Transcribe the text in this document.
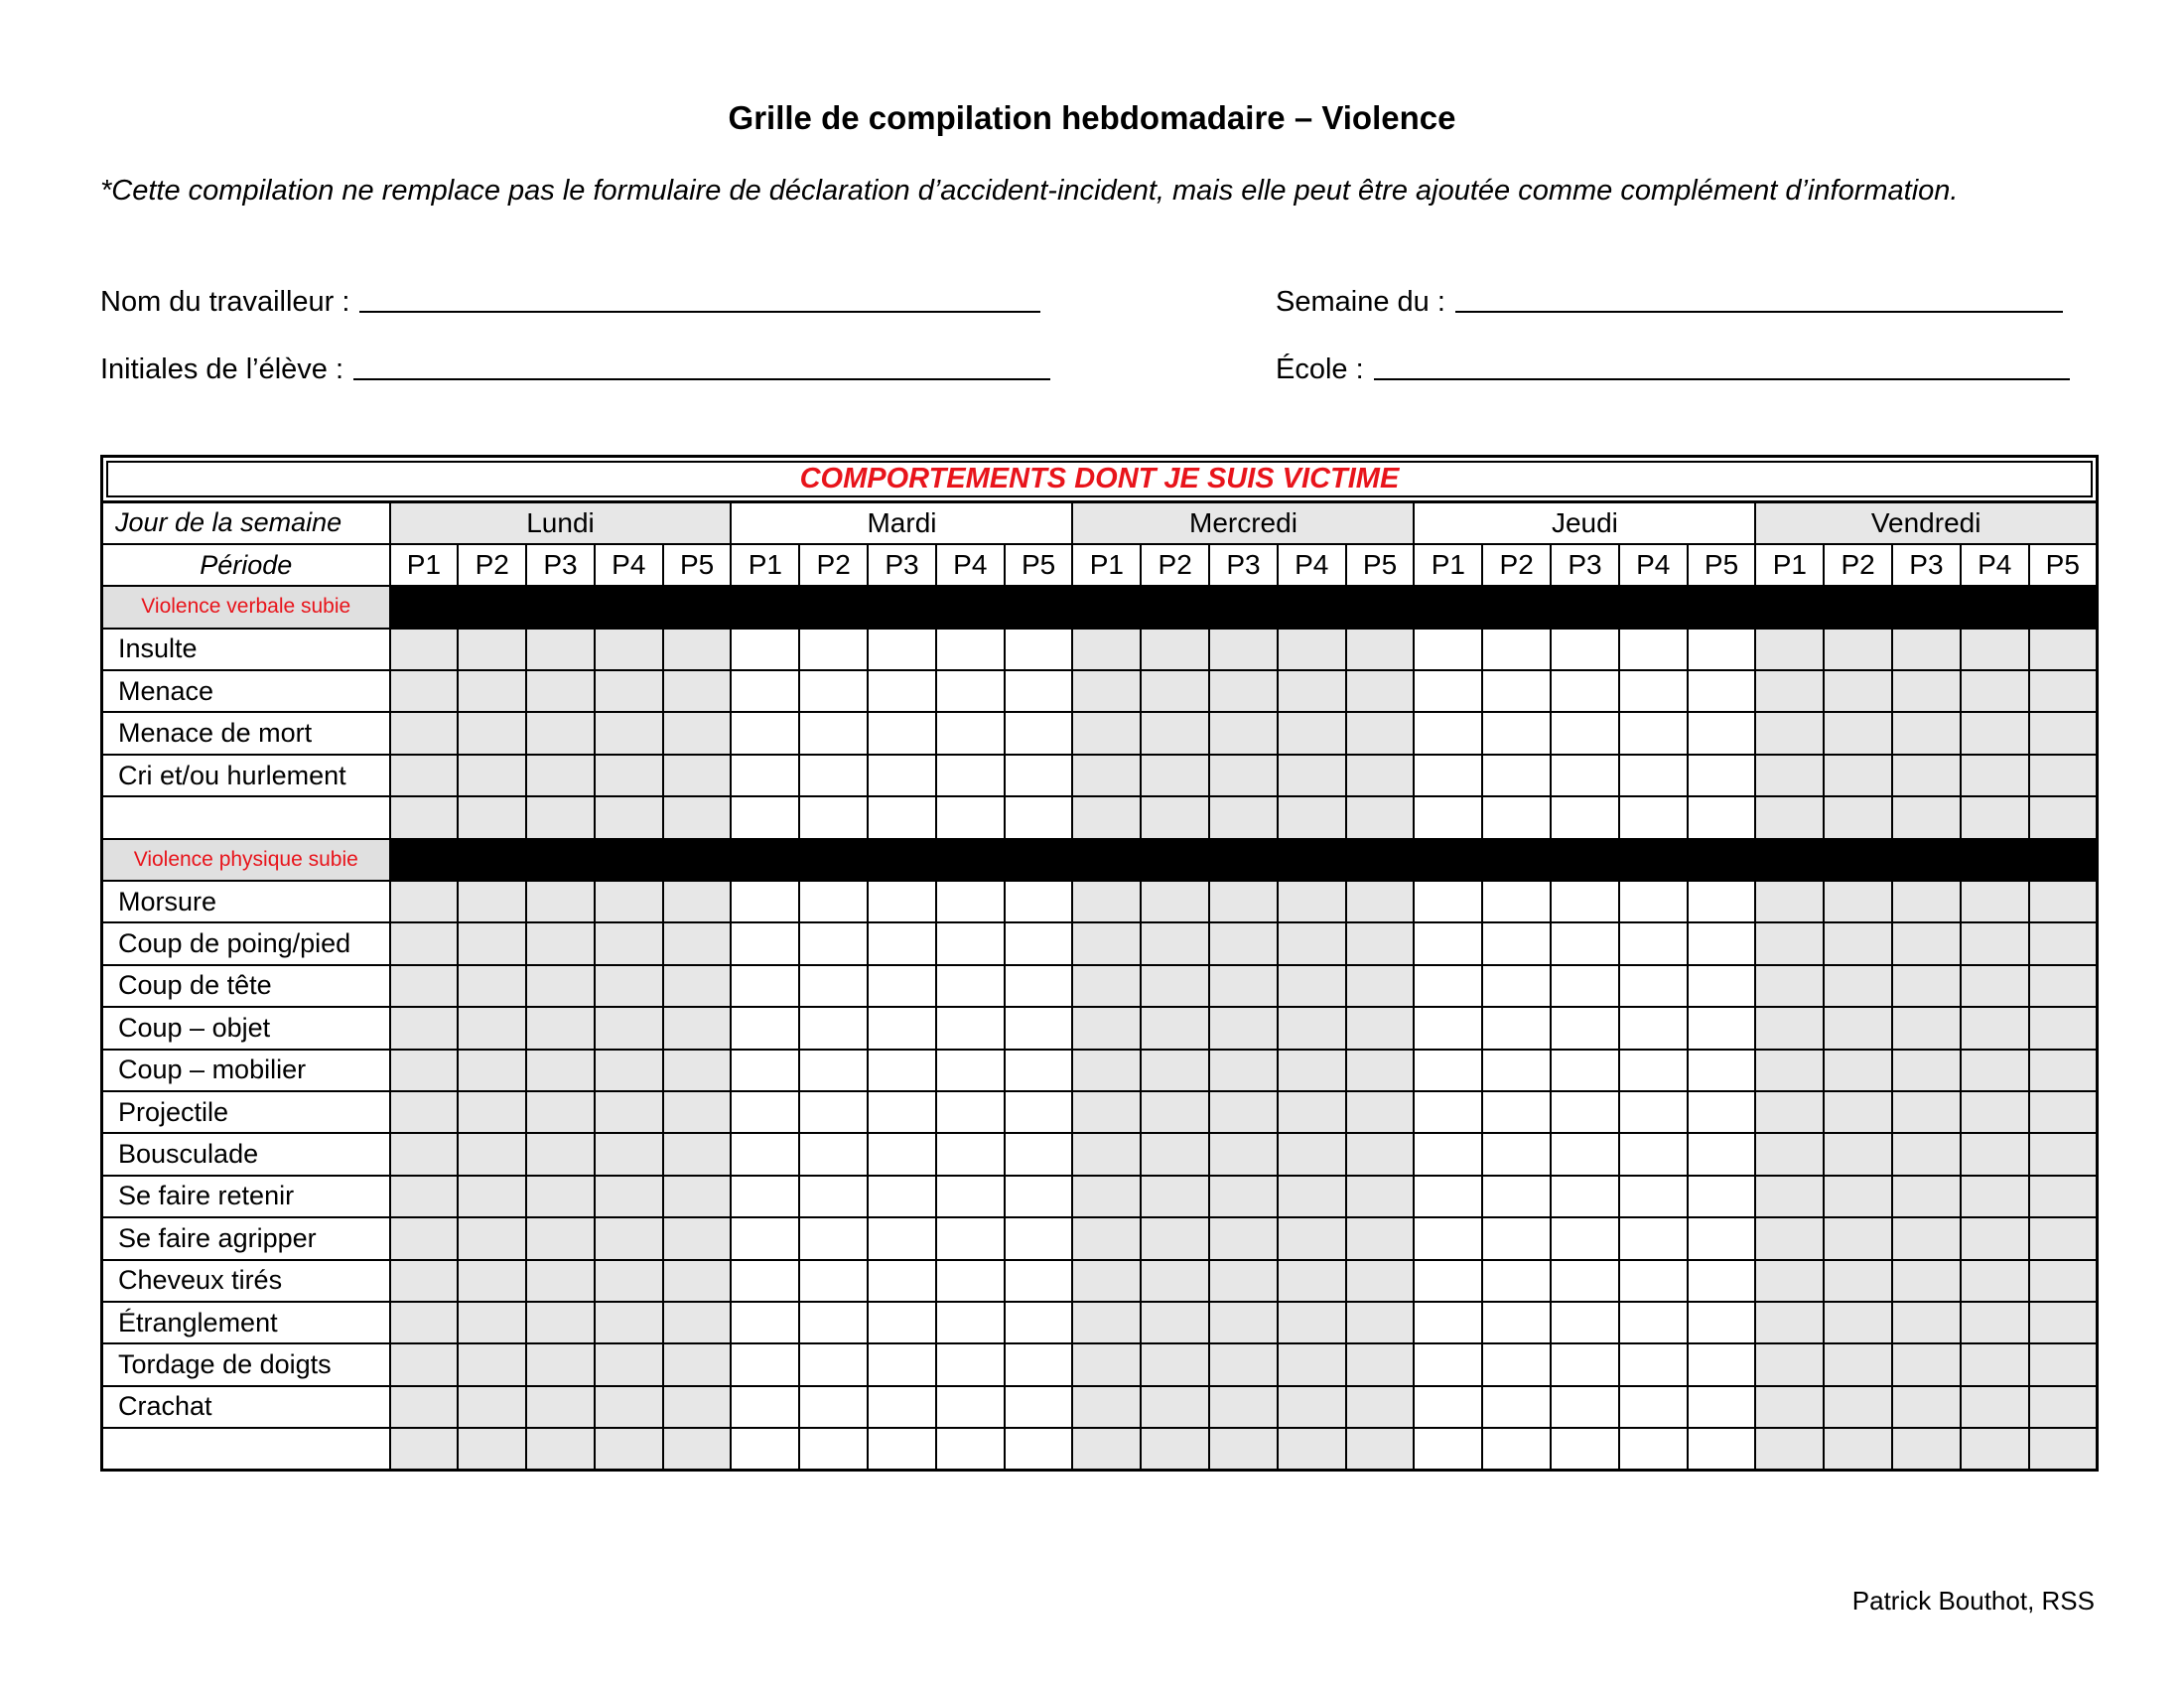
Grille de compilation hebdomadaire – Violence
*Cette compilation ne remplace pas le formulaire de déclaration d’accident-incident, mais elle peut être ajoutée comme complément d’information.
Nom du travailleur :
Initiales de l’élève :
Semaine du :
École :
COMPORTEMENTS DONT JE SUIS VICTIME																									
Jour de la semaine	Lundi					Mardi					Mercredi					Jeudi					Vendredi				
Période	P1	P2	P3	P4	P5	P1	P2	P3	P4	P5	P1	P2	P3	P4	P5	P1	P2	P3	P4	P5	P1	P2	P3	P4	P5
Violence verbale subie																									
Insulte																									
Menace																									
Menace de mort																									
Cri et/ou hurlement																									

Violence physique subie																									
Morsure																									
Coup de poing/pied																									
Coup de tête																									
Coup – objet																									
Coup – mobilier																									
Projectile																									
Bousculade																									
Se faire retenir																									
Se faire agripper																									
Cheveux tirés																									
Étranglement																									
Tordage de doigts																									
Crachat																									

Patrick Bouthot, RSS
